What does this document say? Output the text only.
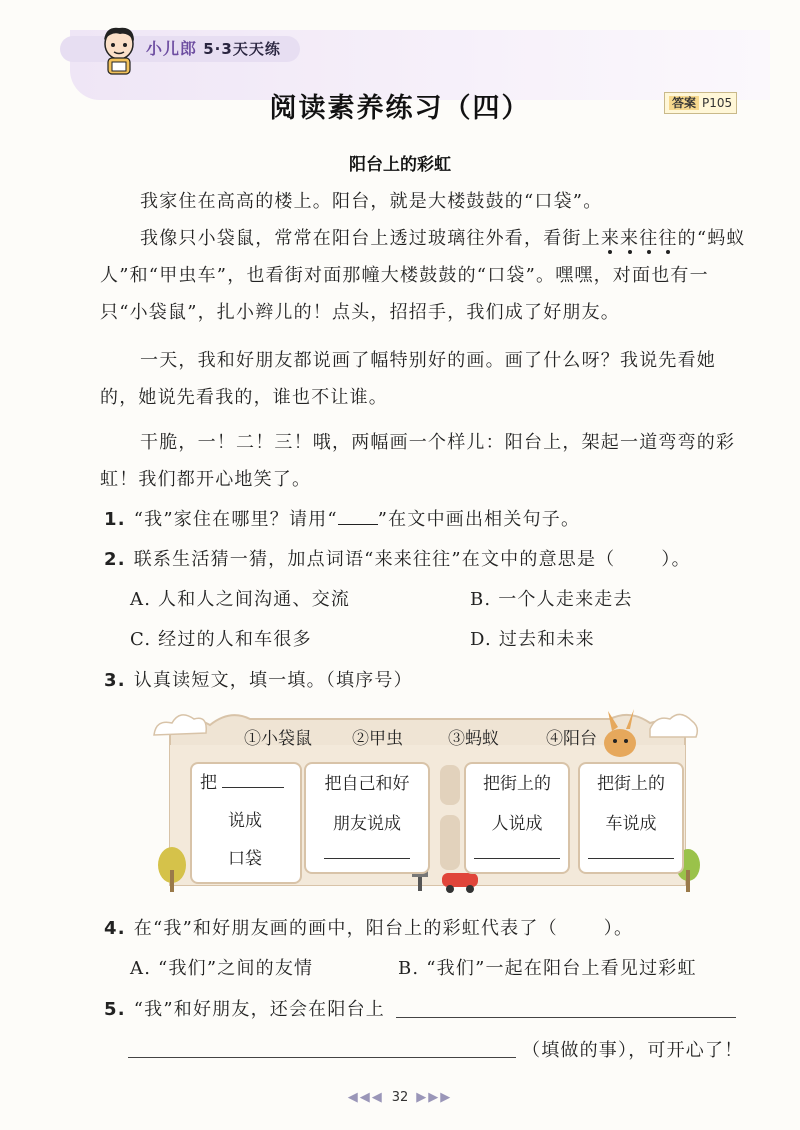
小儿郎 5·3天天练
阅读素养练习（四）	答案 P105
阳台上的彩虹

我家住在高高的楼上。阳台，就是大楼鼓鼓的“口袋”。

我像只小袋鼠，常常在阳台上透过玻璃往外看，看街上来来往往的“蚂蚁人”和“甲虫车”，也看街对面那幢大楼鼓鼓的“口袋”。嘿嘿，对面也有一只“小袋鼠”，扎小辫儿的！点头，招招手，我们成了好朋友。

一天，我和好朋友都说画了幅特别好的画。画了什么呀？我说先看她的，她说先看我的，谁也不让谁。

干脆，一！二！三！哦，两幅画一个样儿：阳台上，架起一道弯弯的彩虹！我们都开心地笑了。

1. “我”家住在哪里？请用“ ”在文中画出相关句子。
2. 联系生活猜一猜，加点词语“来来往往”在文中的意思是（	）。
A. 人和人之间沟通、交流	B. 一个人走来走去
C. 经过的人和车很多	D. 过去和未来
3. 认真读短文，填一填。（填序号）
①小袋鼠 ②甲虫	③蚂蚁	④阳台
把
说成
口袋
把自己和好
朋友说成
把街上的
人说成
把街上的
车说成
4. 在“我”和好朋友画的画中，阳台上的彩虹代表了（	）。
A. “我们”之间的友情	B. “我们”一起在阳台上看见过彩虹
5. “我”和好朋友，还会在阳台上
（填做的事），可开心了！
◀◀◀ 32 ▶▶▶
